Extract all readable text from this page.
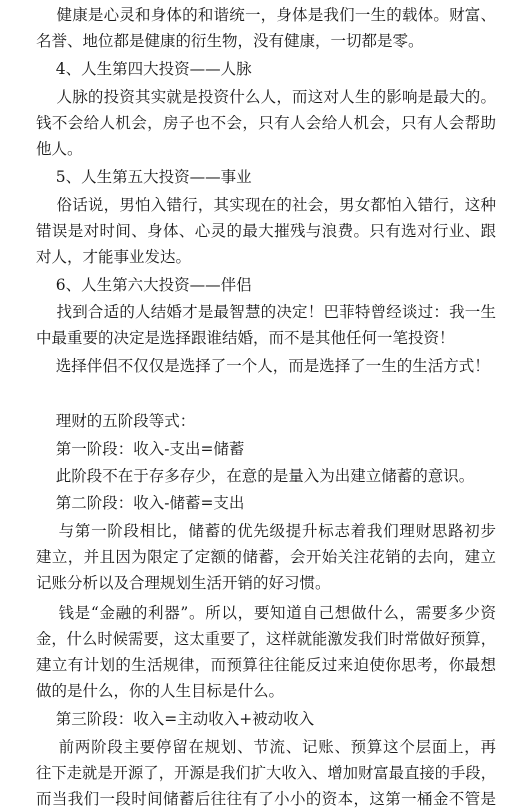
健康是心灵和身体的和谐统一，身体是我们一生的载体。财富、
名誉、地位都是健康的衍生物，没有健康，一切都是零。
4、人生第四大投资——人脉
人脉的投资其实就是投资什么人，而这对人生的影响是最大的。
钱不会给人机会，房子也不会，只有人会给人机会，只有人会帮助
他人。
5、人生第五大投资——事业
俗话说，男怕入错行，其实现在的社会，男女都怕入错行，这种
错误是对时间、身体、心灵的最大摧残与浪费。只有选对行业、跟
对人，才能事业发达。
6、人生第六大投资——伴侣
找到合适的人结婚才是最智慧的决定！巴菲特曾经谈过：我一生
中最重要的决定是选择跟谁结婚，而不是其他任何一笔投资！
选择伴侣不仅仅是选择了一个人，而是选择了一生的生活方式！
理财的五阶段等式：
第一阶段：收入-支出=储蓄
此阶段不在于存多存少，在意的是量入为出建立储蓄的意识。
第二阶段：收入-储蓄=支出
与第一阶段相比，储蓄的优先级提升标志着我们理财思路初步
建立，并且因为限定了定额的储蓄，会开始关注花销的去向，建立
记账分析以及合理规划生活开销的好习惯。
钱是“金融的利器”。所以，要知道自己想做什么，需要多少资
金，什么时候需要，这太重要了，这样就能激发我们时常做好预算，
建立有计划的生活规律，而预算往往能反过来迫使你思考，你最想
做的是什么，你的人生目标是什么。
第三阶段：收入=主动收入+被动收入
前两阶段主要停留在规划、节流、记账、预算这个层面上，再
往下走就是开源了，开源是我们扩大收入、增加财富最直接的手段，
而当我们一段时间储蓄后往往有了小小的资本，这第一桶金不管是
